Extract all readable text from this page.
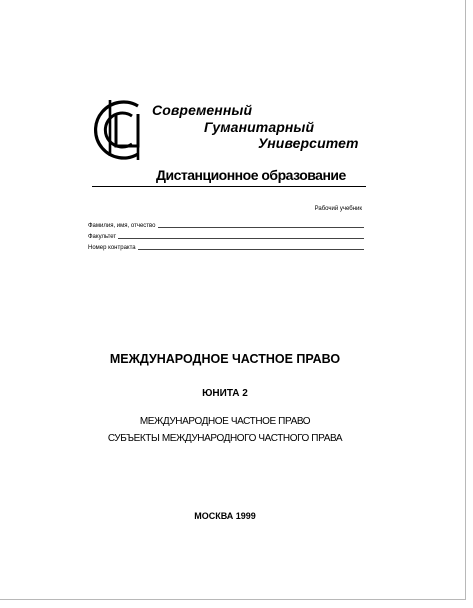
Современный
Гуманитарный
Университет
Дистанционное образование
Рабочий учебник
Фамилия, имя, отчество
Факультет
Номер контракта
МЕЖДУНАРОДНОЕ ЧАСТНОЕ ПРАВО
ЮНИТА 2
МЕЖДУНАРОДНОЕ ЧАСТНОЕ ПРАВО
СУБЪЕКТЫ МЕЖДУНАРОДНОГО ЧАСТНОГО ПРАВА
МОСКВА 1999
